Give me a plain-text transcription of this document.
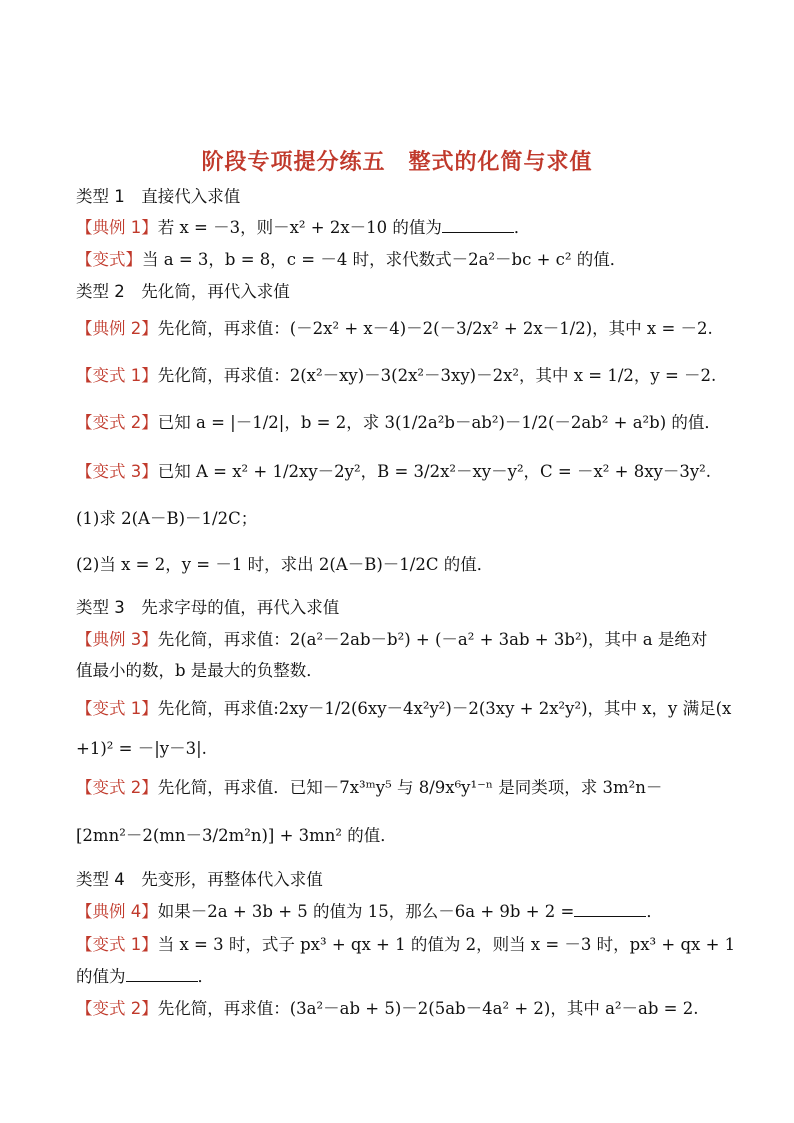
阶段专项提分练五　整式的化简与求值
类型 1　直接代入求值
【典例 1】若 x = －3，则－x² + 2x－10 的值为	．
【变式】当 a = 3，b = 8，c = －4 时，求代数式－2a²－bc + c² 的值．
类型 2　先化简，再代入求值
【典例 2】先化简，再求值：(－2x² + x－4)－2(－3/2x² + 2x－1/2)，其中 x = －2.
【变式 1】先化简，再求值：2(x²－xy)－3(2x²－3xy)－2x²，其中 x = 1/2，y = －2.
【变式 2】已知 a = |－1/2|，b = 2，求 3(1/2a²b－ab²)－1/2(－2ab² + a²b) 的值．
【变式 3】已知 A = x² + 1/2xy－2y²，B = 3/2x²－xy－y²，C = －x² + 8xy－3y².
(1)求 2(A－B)－1/2C；
(2)当 x = 2，y = －1 时，求出 2(A－B)－1/2C 的值．
类型 3　先求字母的值，再代入求值
【典例 3】先化简，再求值：2(a²－2ab－b²) + (－a² + 3ab + 3b²)，其中 a 是绝对
值最小的数，b 是最大的负整数．
【变式 1】先化简，再求值:2xy－1/2(6xy－4x²y²)－2(3xy + 2x²y²)，其中 x，y 满足(x
+1)² = －|y－3|.
【变式 2】先化简，再求值．已知－7x³ᵐy⁵ 与 8/9x⁶y¹⁻ⁿ 是同类项，求 3m²n－
[2mn²－2(mn－3/2m²n)] + 3mn² 的值．
类型 4　先变形，再整体代入求值
【典例 4】如果－2a + 3b + 5 的值为 15，那么－6a + 9b + 2 =	．
【变式 1】当 x = 3 时，式子 px³ + qx + 1 的值为 2，则当 x = －3 时，px³ + qx + 1
的值为	．
【变式 2】先化简，再求值：(3a²－ab + 5)－2(5ab－4a² + 2)，其中 a²－ab = 2.
